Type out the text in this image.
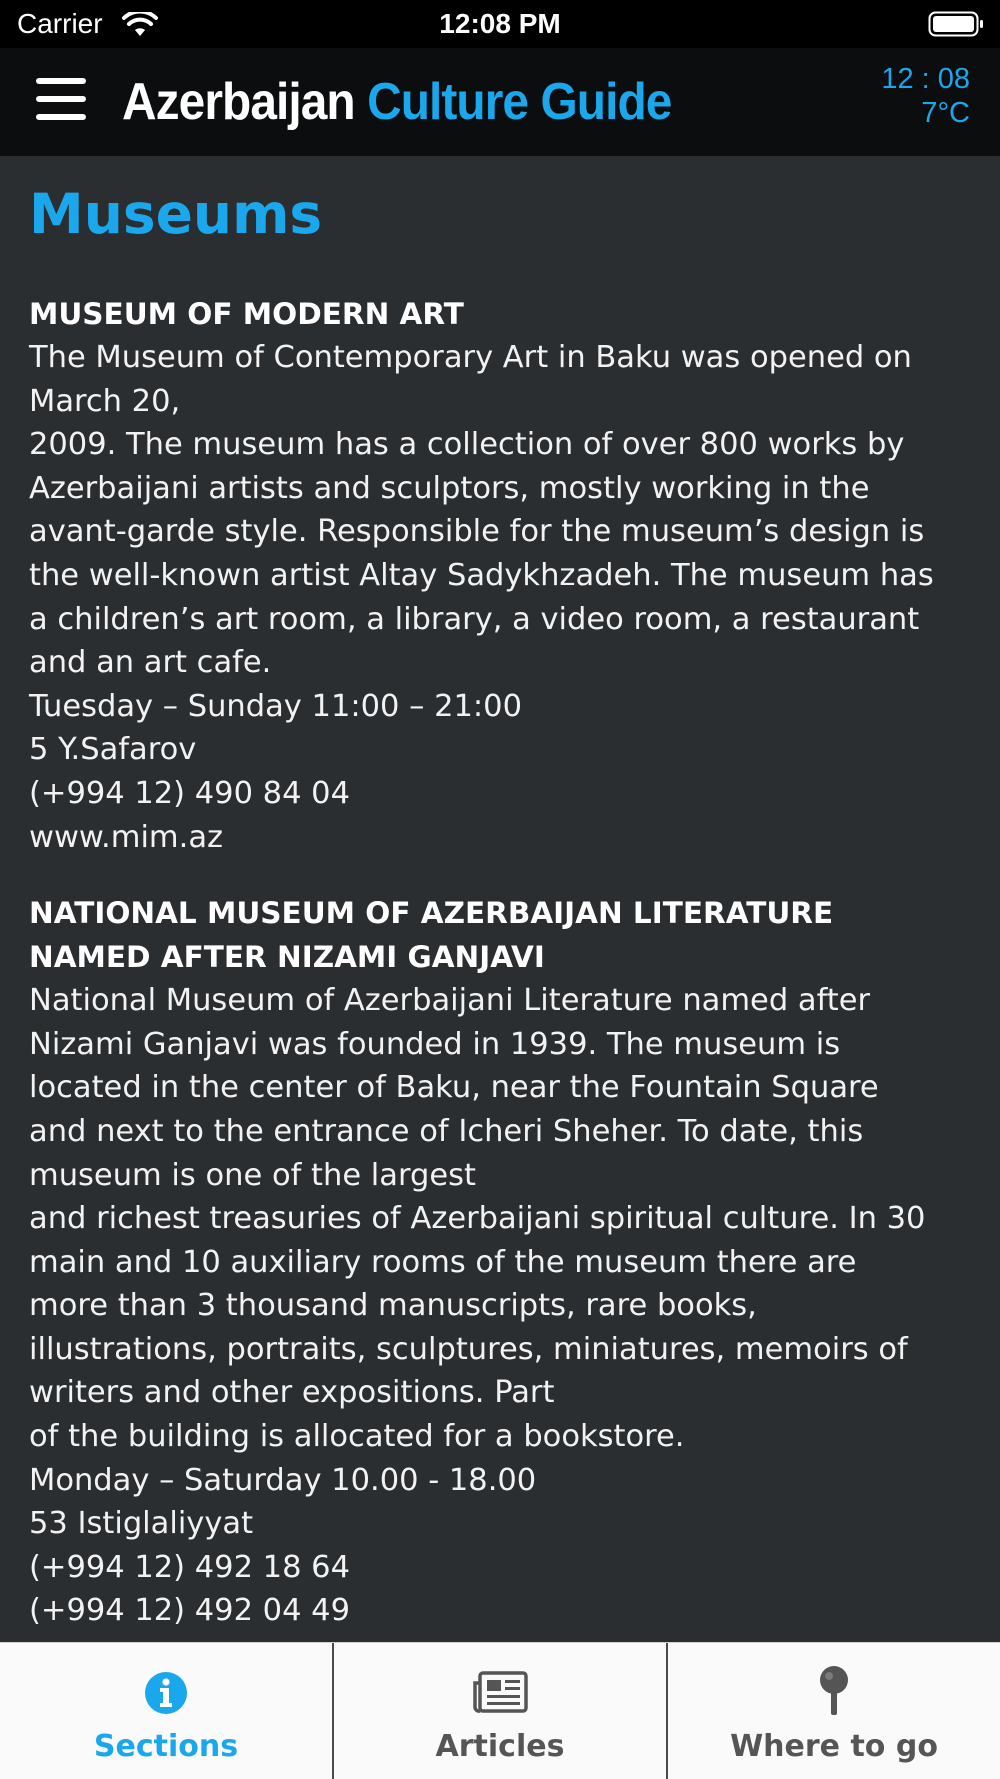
Carrier	12:08 PM
Azerbaijan Culture Guide	12 : 08
7°C
Museums
MUSEUM OF MODERN ART
The Museum of Contemporary Art in Baku was opened on
March 20,
2009. The museum has a collection of over 800 works by
Azerbaijani artists and sculptors, mostly working in the
avant-garde style. Responsible for the museum’s design is
the well-known artist Altay Sadykhzadeh. The museum has
a children’s art room, a library, a video room, a restaurant
and an art cafe.
Tuesday – Sunday 11:00 – 21:00
5 Y.Safarov
(+994 12) 490 84 04
www.mim.az
NATIONAL MUSEUM OF AZERBAIJAN LITERATURE
NAMED AFTER NIZAMI GANJAVI
National Museum of Azerbaijani Literature named after
Nizami Ganjavi was founded in 1939. The museum is
located in the center of Baku, near the Fountain Square
and next to the entrance of Icheri Sheher. To date, this
museum is one of the largest
and richest treasuries of Azerbaijani spiritual culture. In 30
main and 10 auxiliary rooms of the museum there are
more than 3 thousand manuscripts, rare books,
illustrations, portraits, sculptures, miniatures, memoirs of
writers and other expositions. Part
of the building is allocated for a bookstore.
Monday – Saturday 10.00 - 18.00
53 Istiglaliyyat
(+994 12) 492 18 64
(+994 12) 492 04 49
Sections	Articles	Where to go
